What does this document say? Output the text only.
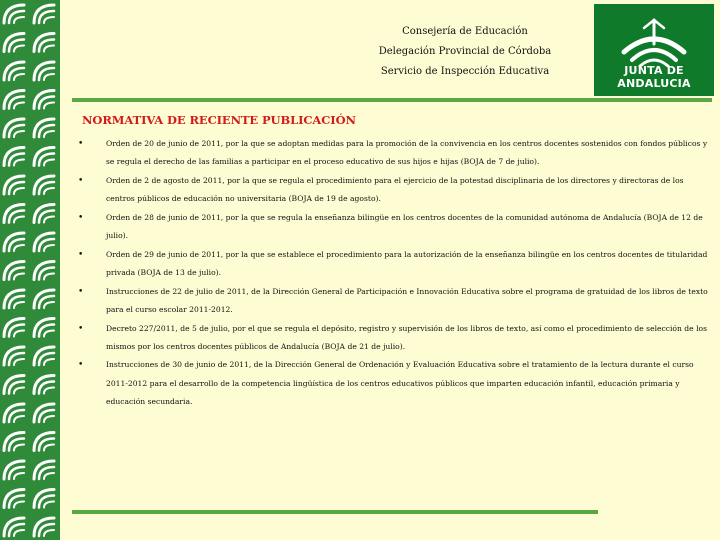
Consejería de Educación
Delegación Provincial de Córdoba
Servicio de Inspección Educativa	JUNTA DE ANDALUCIA
NORMATIVA DE RECIENTE PUBLICACIÓN
•	Orden de 20 de junio de 2011, por la que se adoptan medidas para la promoción de la convivencia en los centros docentes sostenidos con fondos públicos y se regula el derecho de las familias a participar en el proceso educativo de sus hijos e hijas (BOJA de 7 de julio).
•	Orden de 2 de agosto de 2011, por la que se regula el procedimiento para el ejercicio de la potestad disciplinaria de los directores y directoras de los centros públicos de educación no universitaria (BOJA de 19 de agosto).
•	Orden de 28 de junio de 2011, por la que se regula la enseñanza bilingüe en los centros docentes de la comunidad autónoma de Andalucía (BOJA de 12 de julio).
•	Orden de 29 de junio de 2011, por la que se establece el procedimiento para la autorización de la enseñanza bilingüe en los centros docentes de titularidad privada (BOJA de 13 de julio).
•	Instrucciones de 22 de julio de 2011, de la Dirección General de Participación e Innovación Educativa sobre el programa de gratuidad de los libros de texto para el curso escolar 2011-2012.
•	Decreto 227/2011, de 5 de julio, por el que se regula el depósito, registro y supervisión de los libros de texto, así como el procedimiento de selección de los mismos por los centros docentes públicos de Andalucía (BOJA de 21 de julio).
•	Instrucciones de 30 de junio de 2011, de la Dirección General de Ordenación y Evaluación Educativa sobre el tratamiento de la lectura durante el curso 2011-2012 para el desarrollo de la competencia lingüística de los centros educativos públicos que imparten educación infantil, educación primaria y educación secundaria.
